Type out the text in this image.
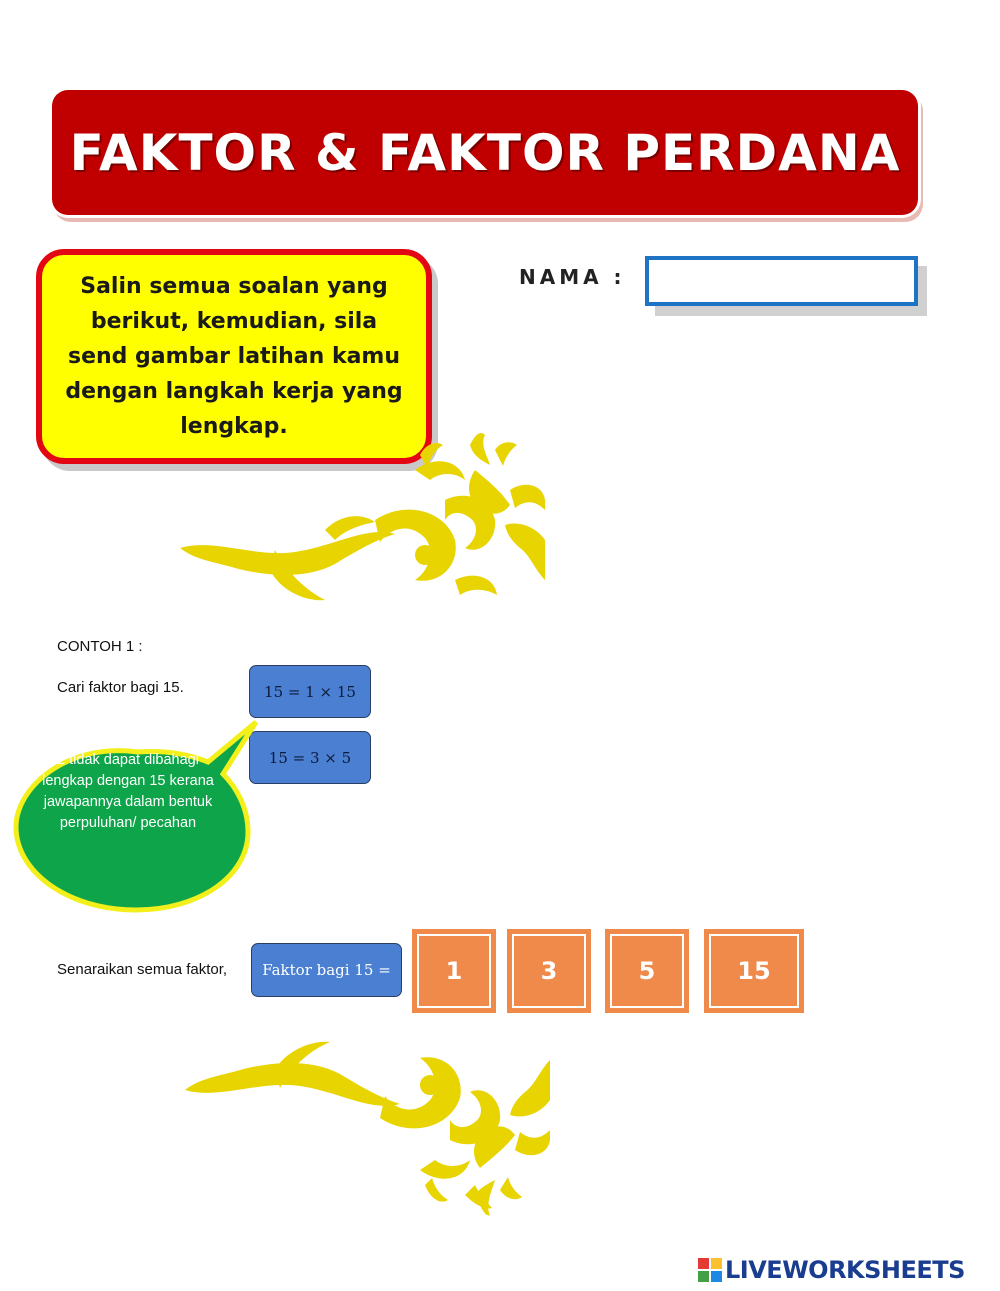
FAKTOR & FAKTOR PERDANA
Salin semua soalan yang berikut, kemudian, sila send gambar latihan kamu dengan langkah kerja yang lengkap.
NAMA :
CONTOH 1 :
Cari faktor bagi 15.	15 = 1 × 15
15 = 3 × 5
2 tidak dapat dibahagi lengkap dengan 15 kerana jawapannya dalam bentuk perpuluhan/ pecahan
Senaraikan semua faktor,	Faktor bagi 15 =	1	3	5	15
LIVEWORKSHEETS
